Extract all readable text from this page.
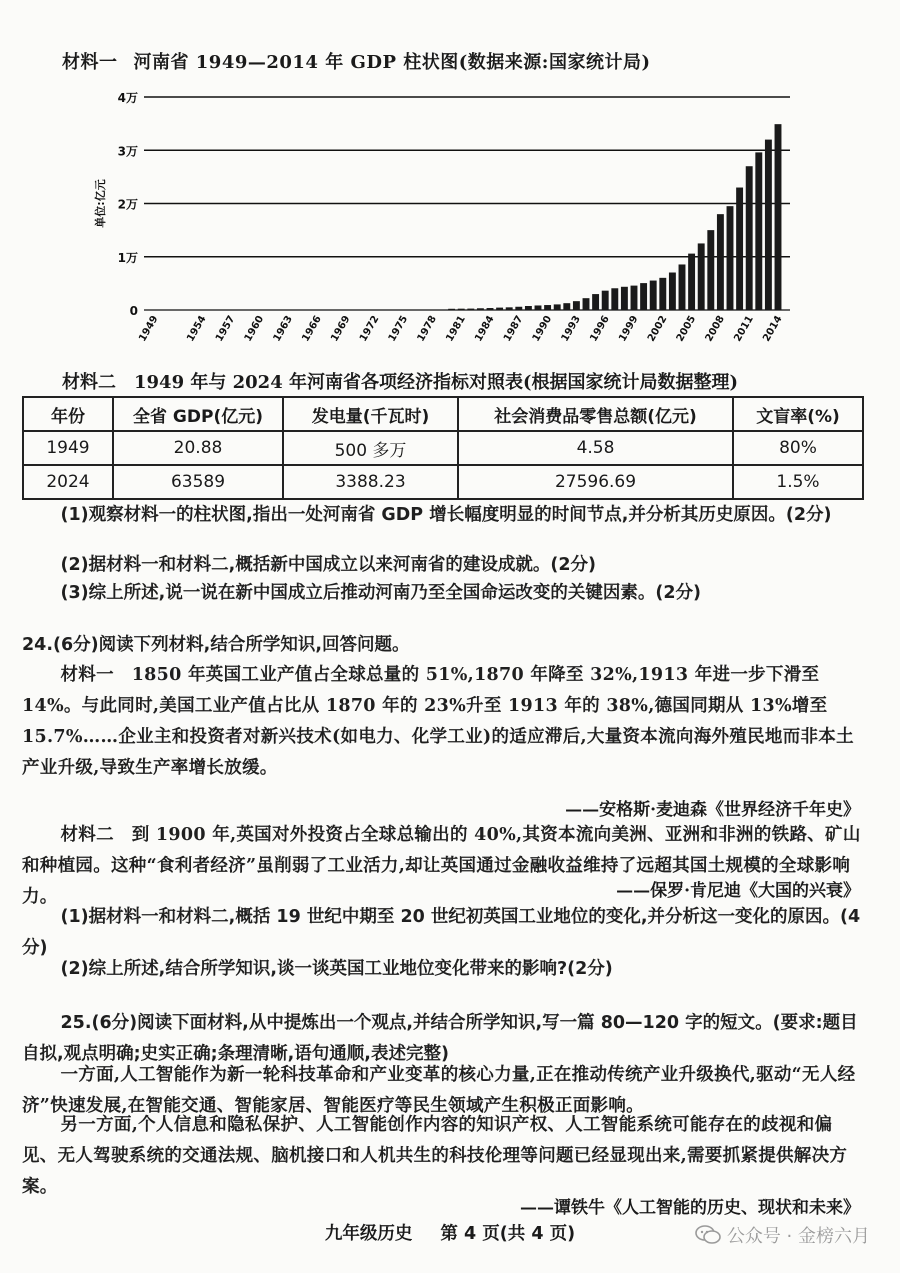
材料一 河南省 1949—2014 年 GDP 柱状图(数据来源:国家统计局)
0
1万
2万
3万
4万
单位:亿元
1949 1954 1957 1960 1963 1966 1969 1972 1975 1978 1981 1984 1987 1990 1993 1996 1999 2002 2005 2008 2011 2014
材料二 1949 年与 2024 年河南省各项经济指标对照表(根据国家统计局数据整理)
年份	全省 GDP(亿元)	发电量(千瓦时)	社会消费品零售总额(亿元)	文盲率(%)
1949	20.88	500 多万	4.58	80%
2024	63589	3388.23	27596.69	1.5%
(1)观察材料一的柱状图,指出一处河南省 GDP 增长幅度明显的时间节点,并分析其历史原因。(2分)
(2)据材料一和材料二,概括新中国成立以来河南省的建设成就。(2分)
(3)综上所述,说一说在新中国成立后推动河南乃至全国命运改变的关键因素。(2分)
24.(6分)阅读下列材料,结合所学知识,回答问题。
材料一　1850 年英国工业产值占全球总量的 51%,1870 年降至 32%,1913 年进一步下滑至 14%。与此同时,美国工业产值占比从 1870 年的 23%升至 1913 年的 38%,德国同期从 13%增至 15.7%……企业主和投资者对新兴技术(如电力、化学工业)的适应滞后,大量资本流向海外殖民地而非本土产业升级,导致生产率增长放缓。
——安格斯·麦迪森《世界经济千年史》
材料二　到 1900 年,英国对外投资占全球总输出的 40%,其资本流向美洲、亚洲和非洲的铁路、矿山和种植园。这种“食利者经济”虽削弱了工业活力,却让英国通过金融收益维持了远超其国土规模的全球影响力。	——保罗·肯尼迪《大国的兴衰》
(1)据材料一和材料二,概括 19 世纪中期至 20 世纪初英国工业地位的变化,并分析这一变化的原因。(4分)
(2)综上所述,结合所学知识,谈一谈英国工业地位变化带来的影响?(2分)
25.(6分)阅读下面材料,从中提炼出一个观点,并结合所学知识,写一篇 80—120 字的短文。(要求:题目自拟,观点明确;史实正确;条理清晰,语句通顺,表述完整)
一方面,人工智能作为新一轮科技革命和产业变革的核心力量,正在推动传统产业升级换代,驱动“无人经济”快速发展,在智能交通、智能家居、智能医疗等民生领域产生积极正面影响。
另一方面,个人信息和隐私保护、人工智能创作内容的知识产权、人工智能系统可能存在的歧视和偏见、无人驾驶系统的交通法规、脑机接口和人机共生的科技伦理等问题已经显现出来,需要抓紧提供解决方案。
——谭铁牛《人工智能的历史、现状和未来》
九年级历史 第 4 页(共 4 页)	公众号 · 金榜六月
